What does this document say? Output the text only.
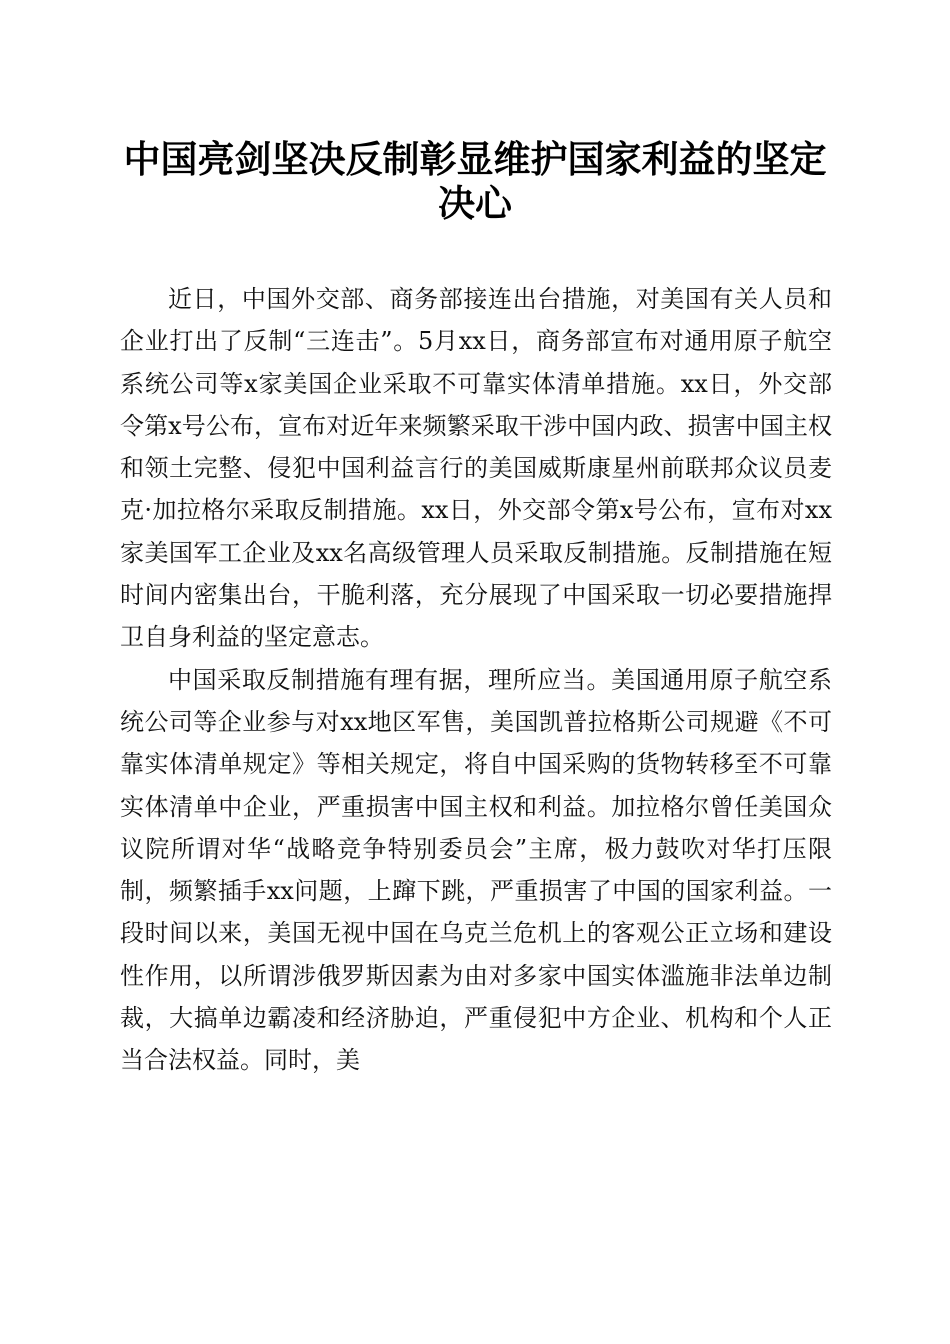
中国亮剑坚决反制彰显维护国家利益的坚定决心

近日，中国外交部、商务部接连出台措施，对美国有关人员和企业打出了反制“三连击”。5月xx日，商务部宣布对通用原子航空系统公司等x家美国企业采取不可靠实体清单措施。xx日，外交部令第x号公布，宣布对近年来频繁采取干涉中国内政、损害中国主权和领土完整、侵犯中国利益言行的美国威斯康星州前联邦众议员麦克·加拉格尔采取反制措施。xx日，外交部令第x号公布，宣布对xx家美国军工企业及xx名高级管理人员采取反制措施。反制措施在短时间内密集出台，干脆利落，充分展现了中国采取一切必要措施捍卫自身利益的坚定意志。

中国采取反制措施有理有据，理所应当。美国通用原子航空系统公司等企业参与对xx地区军售，美国凯普拉格斯公司规避《不可靠实体清单规定》等相关规定，将自中国采购的货物转移至不可靠实体清单中企业，严重损害中国主权和利益。加拉格尔曾任美国众议院所谓对华“战略竞争特别委员会”主席，极力鼓吹对华打压限制，频繁插手xx问题，上蹿下跳，严重损害了中国的国家利益。一段时间以来，美国无视中国在乌克兰危机上的客观公正立场和建设性作用，以所谓涉俄罗斯因素为由对多家中国实体滥施非法单边制裁，大搞单边霸凌和经济胁迫，严重侵犯中方企业、机构和个人正当合法权益。同时，美
